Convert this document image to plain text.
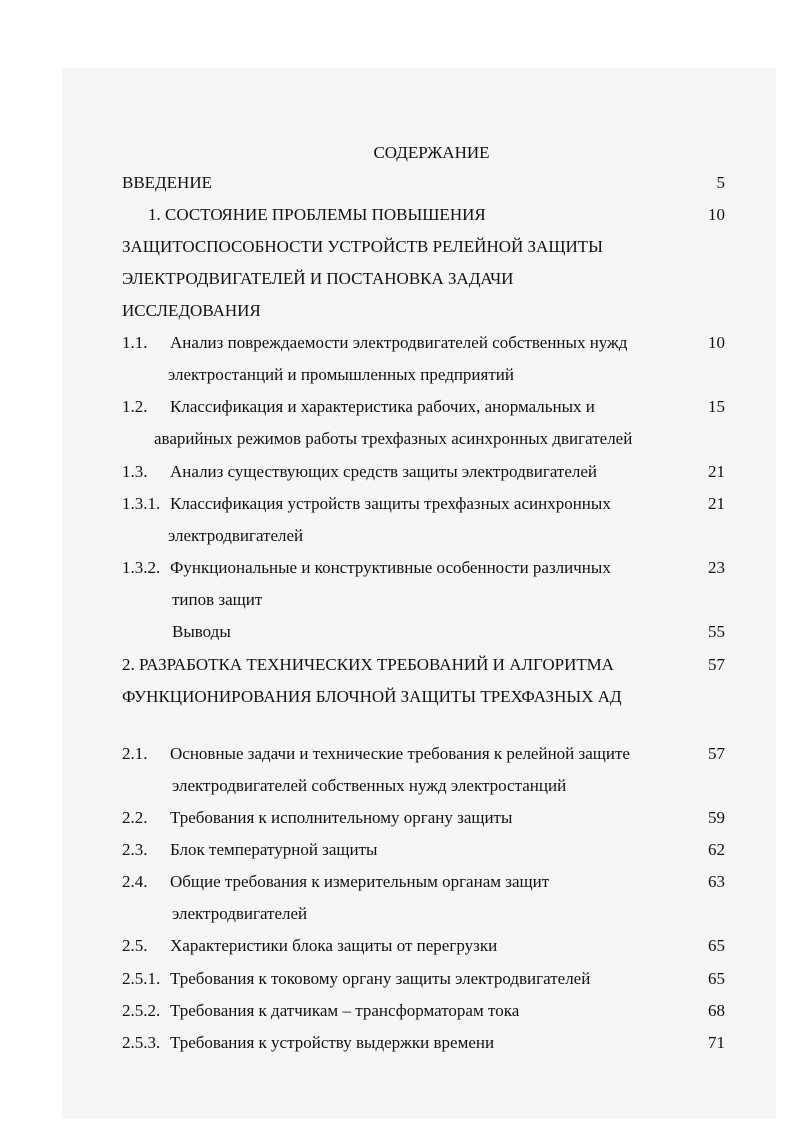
СОДЕРЖАНИЕ
ВВЕДЕНИЕ	5
1. СОСТОЯНИЕ ПРОБЛЕМЫ ПОВЫШЕНИЯ	10
ЗАЩИТОСПОСОБНОСТИ УСТРОЙСТВ РЕЛЕЙНОЙ ЗАЩИТЫ
ЭЛЕКТРОДВИГАТЕЛЕЙ И ПОСТАНОВКА ЗАДАЧИ
ИССЛЕДОВАНИЯ
1.1. Анализ повреждаемости электродвигателей собственных нужд	10
электростанций и промышленных предприятий
1.2. Классификация и характеристика рабочих, анормальных и	15
аварийных режимов работы трехфазных асинхронных двигателей
1.3. Анализ существующих средств защиты электродвигателей	21
1.3.1. Классификация устройств защиты трехфазных асинхронных	21
электродвигателей
1.3.2. Функциональные и конструктивные особенности различных	23
типов защит
Выводы	55
2. РАЗРАБОТКА ТЕХНИЧЕСКИХ ТРЕБОВАНИЙ И АЛГОРИТМА	57
ФУНКЦИОНИРОВАНИЯ БЛОЧНОЙ ЗАЩИТЫ ТРЕХФАЗНЫХ АД
2.1. Основные задачи и технические требования к релейной защите	57
электродвигателей собственных нужд электростанций
2.2. Требования к исполнительному органу защиты	59
2.3. Блок температурной защиты	62
2.4. Общие требования к измерительным органам защит	63
электродвигателей
2.5. Характеристики блока защиты от перегрузки	65
2.5.1. Требования к токовому органу защиты электродвигателей	65
2.5.2. Требования к датчикам – трансформаторам тока	68
2.5.3. Требования к устройству выдержки времени	71
